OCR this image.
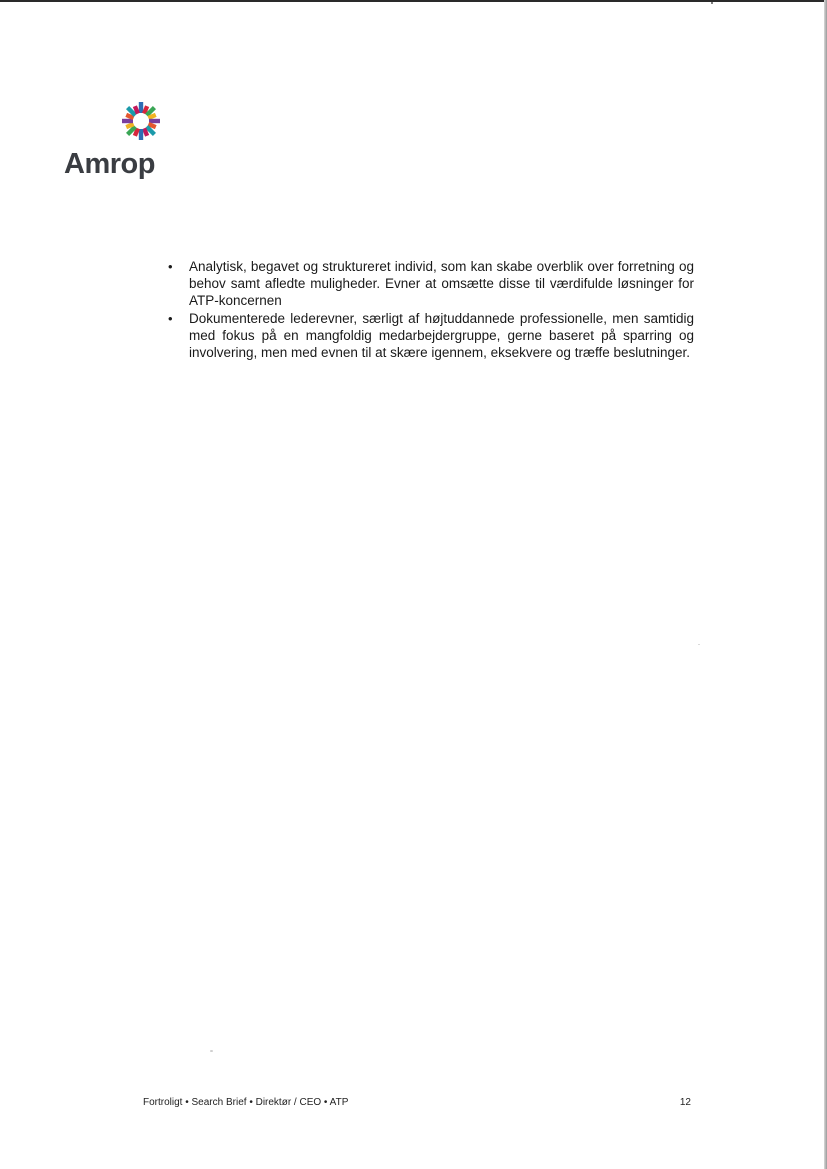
Amrop
• Analytisk, begavet og struktureret individ, som kan skabe overblik over forretning og behov samt afledte muligheder. Evner at omsætte disse til værdifulde løsninger for ATP-koncernen
• Dokumenterede lederevner, særligt af højtuddannede professionelle, men samtidig med fokus på en mangfoldig medarbejdergruppe, gerne baseret på sparring og involvering, men med evnen til at skære igennem, eksekvere og træffe beslutninger.
Fortroligt • Search Brief • Direktør / CEO • ATP	12
